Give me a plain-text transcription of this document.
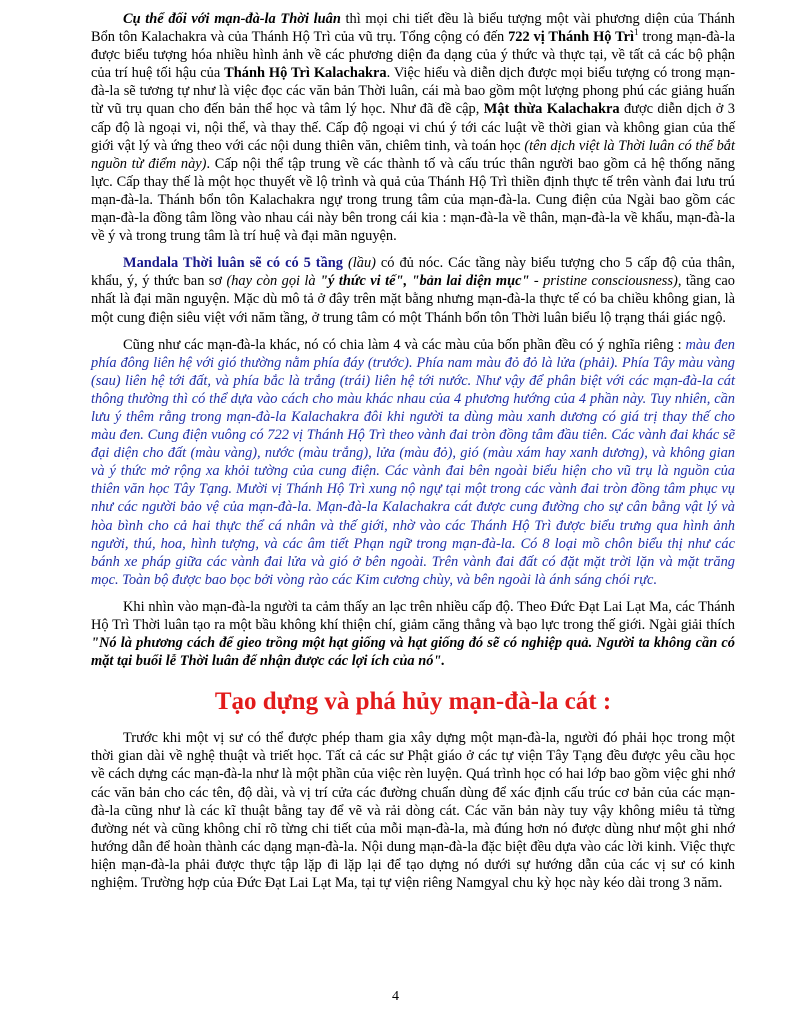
Cụ thể đối với mạn-đà-la Thời luân thì mọi chi tiết đều là biểu tượng một vài phương diện của Thánh Bổn tôn Kalachakra và của Thánh Hộ Trì của vũ trụ. Tổng cộng có đến 722 vị Thánh Hộ Trì$^1$ trong mạn-đà-la được biểu tượng hóa nhiều hình ảnh về các phương diện đa dạng của ý thức và thực tại, về tất cả các bộ phận của trí huệ tối hậu của Thánh Hộ Trì Kalachakra. Việc hiểu và diễn dịch được mọi biểu tượng có trong mạn-đà-la sẽ tương tự như là việc đọc các văn bản Thời luân, cái mà bao gồm một lượng phong phú các giảng huấn từ vũ trụ quan cho đến bản thể học và tâm lý học. Như đã đề cập, Mật thừa Kalachakra được diễn dịch ở 3 cấp độ là ngoại vi, nội thể, và thay thế. Cấp độ ngoại vi chú ý tới các luật về thời gian và không gian của thế giới vật lý và ứng theo với các nội dung thiên văn, chiêm tinh, và toán học (tên dịch việt là Thời luân có thể bắt nguồn từ điểm này). Cấp nội thể tập trung về các thành tố và cấu trúc thân người bao gồm cả hệ thống năng lực. Cấp thay thế là một học thuyết về lộ trình và quả của Thánh Hộ Trì thiền định thực tế trên vành đai lưu trú mạn-đà-la. Thánh bổn tôn Kalachakra ngự trong trung tâm của mạn-đà-la. Cung điện của Ngài bao gồm các mạn-đà-la đồng tâm lồng vào nhau cái này bên trong cái kia : mạn-đà-la về thân, mạn-đà-la về khẩu, mạn-đà-la về ý và trong trung tâm là trí huệ và đại mãn nguyện.

Mandala Thời luân sẽ có có 5 tầng (lầu) có đủ nóc. Các tầng này biểu tượng cho 5 cấp độ của thân, khẩu, ý, ý thức ban sơ (hay còn gọi là "ý thức vi tế", "bản lai diện mục" - pristine consciousness), tầng cao nhất là đại mãn nguyện. Mặc dù mô tả ở đây trên mặt bằng nhưng mạn-đà-la thực tế có ba chiều không gian, là một cung điện siêu việt với năm tầng, ở trung tâm có một Thánh bổn tôn Thời luân biểu lộ trạng thái giác ngộ.

Cũng như các mạn-đà-la khác, nó có chia làm 4 và các màu của bốn phần đều có ý nghĩa riêng : màu đen phía đông liên hệ với gió thường nằm phía đáy (trước). Phía nam màu đỏ đỏ là lửa (phải). Phía Tây màu vàng (sau) liên hệ tới đất, và phía bắc là trắng (trái) liên hệ tới nước. Như vậy để phân biệt với các mạn-đà-la cát thông thường thì có thể dựa vào cách cho màu khác nhau của 4 phương hướng của 4 phần này. Tuy nhiên, cần lưu ý thêm rằng trong mạn-đà-la Kalachakra đôi khi người ta dùng màu xanh dương có giá trị thay thế cho màu đen. Cung điện vuông có 722 vị Thánh Hộ Trì theo vành đai tròn đồng tâm đầu tiên. Các vành đai khác sẽ đại diện cho đất (màu vàng), nước (màu trắng), lửa (màu đỏ), gió (màu xám hay xanh dương), và không gian và ý thức mở rộng xa khỏi tường của cung điện. Các vành đai bên ngoài biểu hiện cho vũ trụ là nguồn của thiên văn học Tây Tạng. Mười vị Thánh Hộ Trì xung nộ ngự tại một trong các vành đai tròn đồng tâm phục vụ như các người bảo vệ của mạn-đà-la. Mạn-đà-la Kalachakra cát được cung đường cho sự cân bằng vật lý và hòa bình cho cả hai thực thể cá nhân và thế giới, nhờ vào các Thánh Hộ Trì được biểu trưng qua hình ảnh người, thú, hoa, hình tượng, và các âm tiết Phạn ngữ trong mạn-đà-la. Có 8 loại mồ chôn biểu thị như các bánh xe pháp giữa các vành đai lửa và gió ở bên ngoài. Trên vành đai đất có đặt mặt trời lặn và mặt trăng mọc. Toàn bộ được bao bọc bởi vòng rào các Kim cương chùy, và bên ngoài là ánh sáng chói rực.

Khi nhìn vào mạn-đà-la người ta cảm thấy an lạc trên nhiều cấp độ. Theo Đức Đạt Lai Lạt Ma, các Thánh Hộ Trì Thời luân tạo ra một bầu không khí thiện chí, giảm căng thẳng và bạo lực trong thế giới. Ngài giải thích "Nó là phương cách để gieo trồng một hạt giống và hạt giống đó sẽ có nghiệp quả. Người ta không cần có mặt tại buổi lễ Thời luân để nhận được các lợi ích của nó".

Tạo dựng và phá hủy mạn-đà-la cát :

Trước khi một vị sư có thể được phép tham gia xây dựng một mạn-đà-la, người đó phải học trong một thời gian dài về nghệ thuật và triết học. Tất cả các sư Phật giáo ở các tự viện Tây Tạng đều được yêu cầu học về cách dựng các mạn-đà-la như là một phần của việc rèn luyện. Quá trình học có hai lớp bao gồm việc ghi nhớ các văn bản cho các tên, độ dài, và vị trí cửa các đường chuẩn dùng để xác định cấu trúc cơ bản của các mạn-đà-la cũng như là các kĩ thuật bằng tay để vẽ và rải dòng cát. Các văn bản này tuy vậy không miêu tả từng đường nét và cũng không chỉ rõ từng chi tiết của mỗi mạn-đà-la, mà đúng hơn nó được dùng như một ghi nhớ hướng dẫn để hoàn thành các dạng mạn-đà-la. Nội dung mạn-đà-la đặc biệt đều dựa vào các lời kinh. Việc thực hiện mạn-đà-la phải được thực tập lặp đi lặp lại để tạo dựng nó dưới sự hướng dẫn của các vị sư có kinh nghiệm. Trường hợp của Đức Đạt Lai Lạt Ma, tại tự viện riêng Namgyal chu kỳ học này kéo dài trong 3 năm.

4
